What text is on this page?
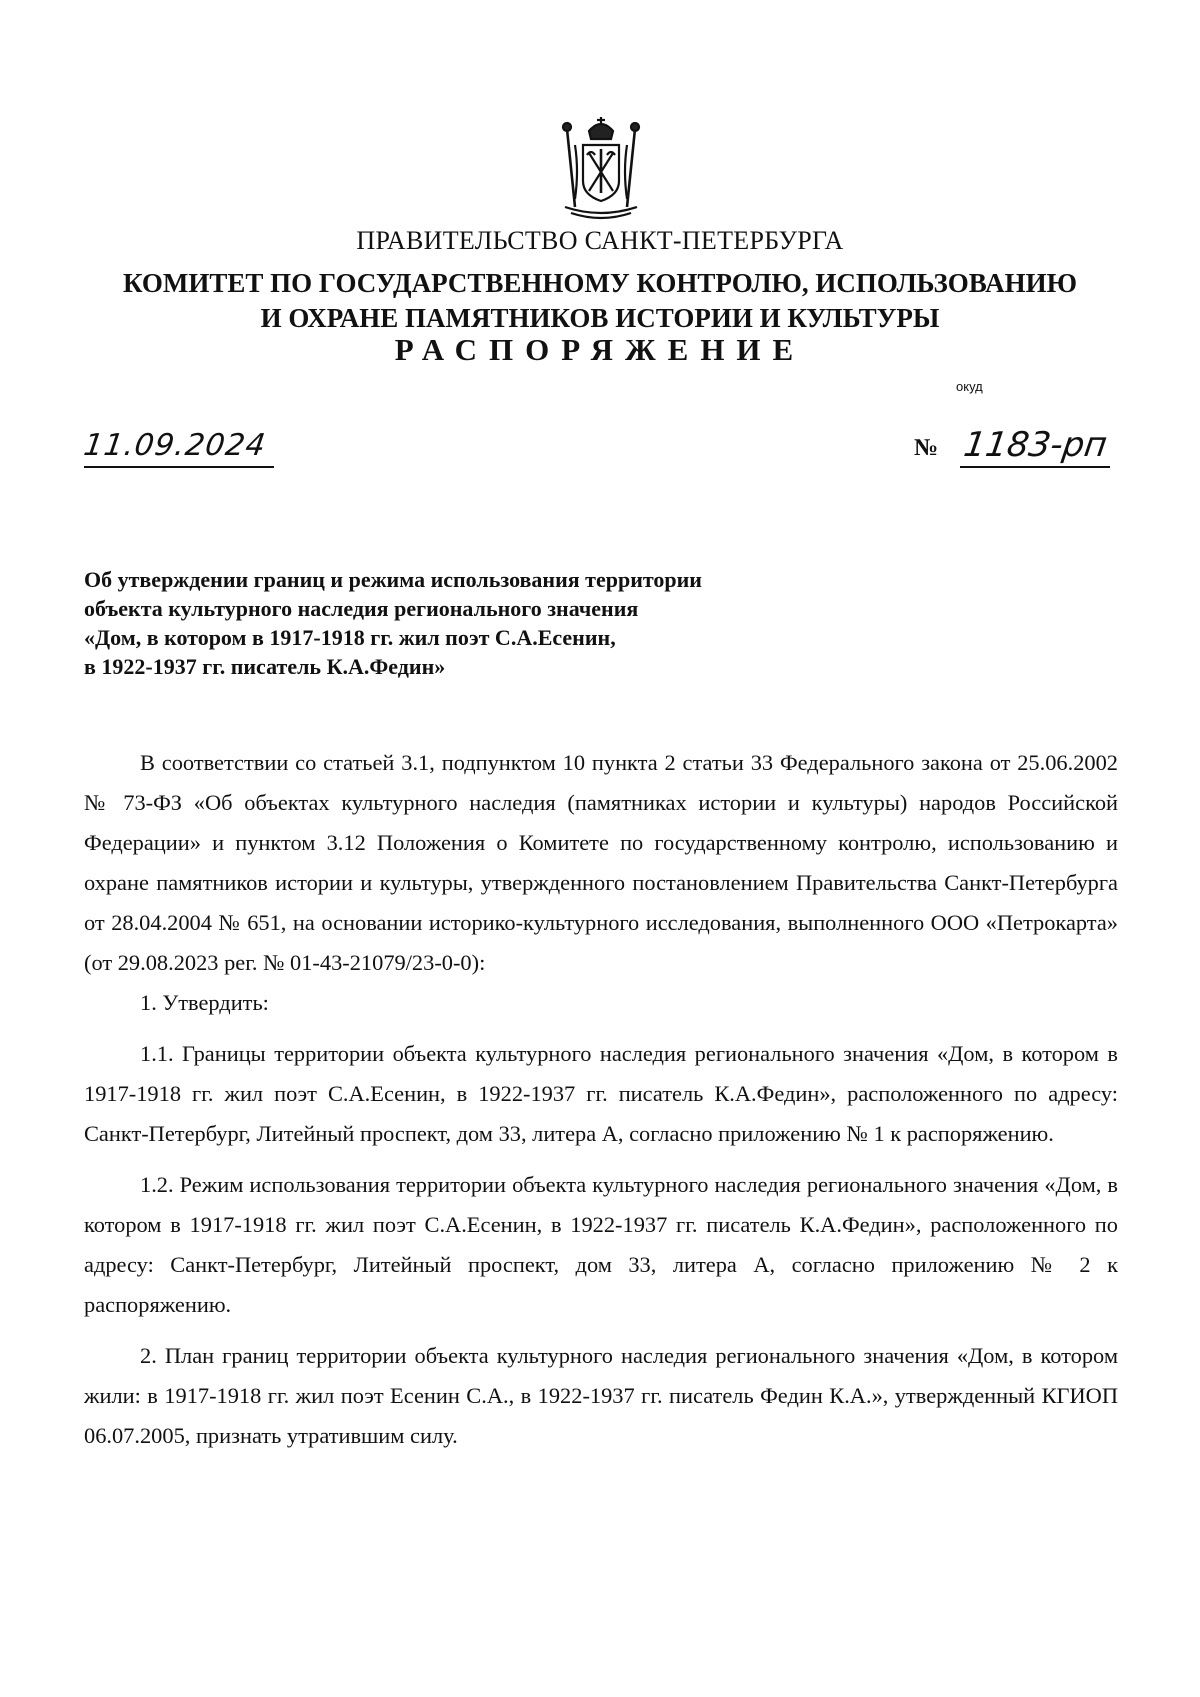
ПРАВИТЕЛЬСТВО САНКТ-ПЕТЕРБУРГА
КОМИТЕТ ПО ГОСУДАРСТВЕННОМУ КОНТРОЛЮ, ИСПОЛЬЗОВАНИЮ
И ОХРАНЕ ПАМЯТНИКОВ ИСТОРИИ И КУЛЬТУРЫ
РАСПОРЯЖЕНИЕ
окуд
11.09.2024	№ 1183-рп
Об утверждении границ и режима использования территории
объекта культурного наследия регионального значения
«Дом, в котором в 1917-1918 гг. жил поэт С.А.Есенин,
в 1922-1937 гг. писатель К.А.Федин»

В соответствии со статьей 3.1, подпунктом 10 пункта 2 статьи 33 Федерального закона от 25.06.2002 № 73-ФЗ «Об объектах культурного наследия (памятниках истории и культуры) народов Российской Федерации» и пунктом 3.12 Положения о Комитете по государственному контролю, использованию и охране памятников истории и культуры, утвержденного постановлением Правительства Санкт-Петербурга от 28.04.2004 № 651, на основании историко-культурного исследования, выполненного ООО «Петрокарта» (от 29.08.2023 рег. № 01-43-21079/23-0-0):

1. Утвердить:

1.1. Границы территории объекта культурного наследия регионального значения «Дом, в котором в 1917-1918 гг. жил поэт С.А.Есенин, в 1922-1937 гг. писатель К.А.Федин», расположенного по адресу: Санкт-Петербург, Литейный проспект, дом 33, литера А, согласно приложению № 1 к распоряжению.

1.2. Режим использования территории объекта культурного наследия регионального значения «Дом, в котором в 1917-1918 гг. жил поэт С.А.Есенин, в 1922-1937 гг. писатель К.А.Федин», расположенного по адресу: Санкт-Петербург, Литейный проспект, дом 33, литера А, согласно приложению № 2 к распоряжению.

2. План границ территории объекта культурного наследия регионального значения «Дом, в котором жили: в 1917-1918 гг. жил поэт Есенин С.А., в 1922-1937 гг. писатель Федин К.А.», утвержденный КГИОП 06.07.2005, признать утратившим силу.
